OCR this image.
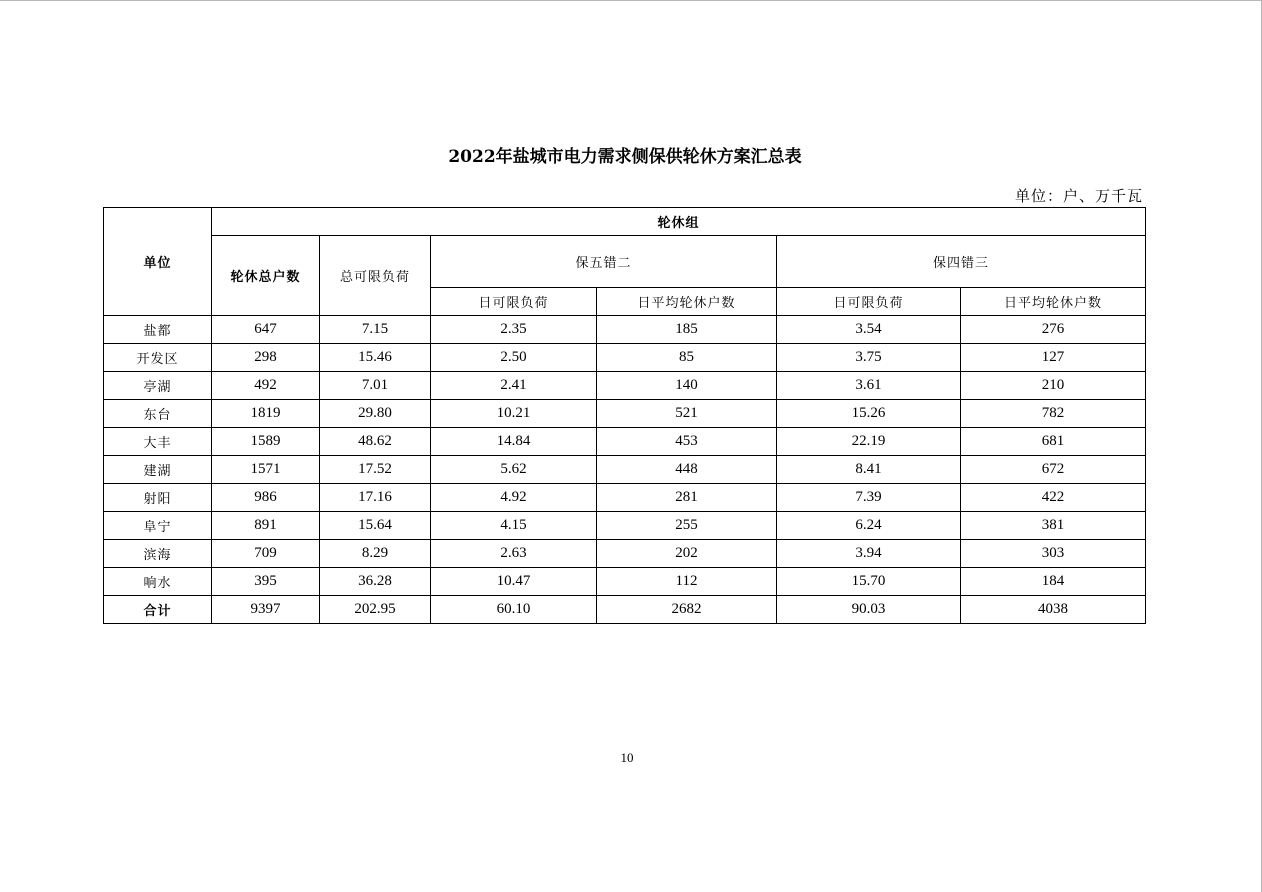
2022年盐城市电力需求侧保供轮休方案汇总表
单位：户、万千瓦
单位	轮休组					
	轮休总户数	总可限负荷	保五错二		保四错三	
			日可限负荷	日平均轮休户数	日可限负荷	日平均轮休户数
盐都	647	7.15	2.35	185	3.54	276
开发区	298	15.46	2.50	85	3.75	127
亭湖	492	7.01	2.41	140	3.61	210
东台	1819	29.80	10.21	521	15.26	782
大丰	1589	48.62	14.84	453	22.19	681
建湖	1571	17.52	5.62	448	8.41	672
射阳	986	17.16	4.92	281	7.39	422
阜宁	891	15.64	4.15	255	6.24	381
滨海	709	8.29	2.63	202	3.94	303
响水	395	36.28	10.47	112	15.70	184
合计	9397	202.95	60.10	2682	90.03	4038
10
